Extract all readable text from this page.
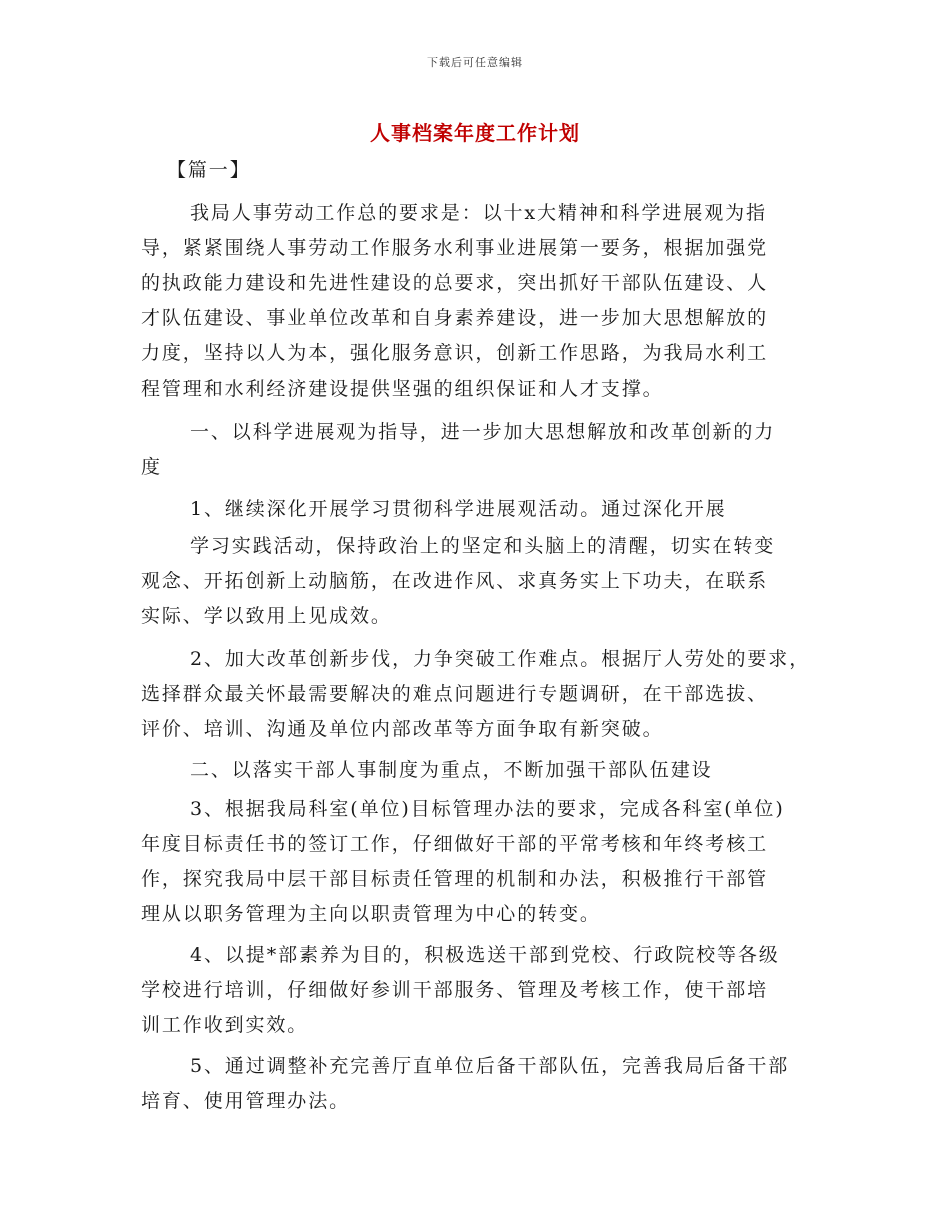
下载后可任意编辑
人事档案年度工作计划
【篇一】
我局人事劳动工作总的要求是：以十x大精神和科学进展观为指
导，紧紧围绕人事劳动工作服务水利事业进展第一要务，根据加强党
的执政能力建设和先进性建设的总要求，突出抓好干部队伍建设、人
才队伍建设、事业单位改革和自身素养建设，进一步加大思想解放的
力度，坚持以人为本，强化服务意识，创新工作思路，为我局水利工
程管理和水利经济建设提供坚强的组织保证和人才支撑。
一、以科学进展观为指导，进一步加大思想解放和改革创新的力
度
1、继续深化开展学习贯彻科学进展观活动。通过深化开展
学习实践活动，保持政治上的坚定和头脑上的清醒，切实在转变
观念、开拓创新上动脑筋，在改进作风、求真务实上下功夫，在联系
实际、学以致用上见成效。
2、加大改革创新步伐，力争突破工作难点。根据厅人劳处的要求，
选择群众最关怀最需要解决的难点问题进行专题调研，在干部选拔、
评价、培训、沟通及单位内部改革等方面争取有新突破。
二、以落实干部人事制度为重点，不断加强干部队伍建设
3、根据我局科室(单位)目标管理办法的要求，完成各科室(单位)
年度目标责任书的签订工作，仔细做好干部的平常考核和年终考核工
作，探究我局中层干部目标责任管理的机制和办法，积极推行干部管
理从以职务管理为主向以职责管理为中心的转变。
4、以提*部素养为目的，积极选送干部到党校、行政院校等各级
学校进行培训，仔细做好参训干部服务、管理及考核工作，使干部培
训工作收到实效。
5、通过调整补充完善厅直单位后备干部队伍，完善我局后备干部
培育、使用管理办法。
